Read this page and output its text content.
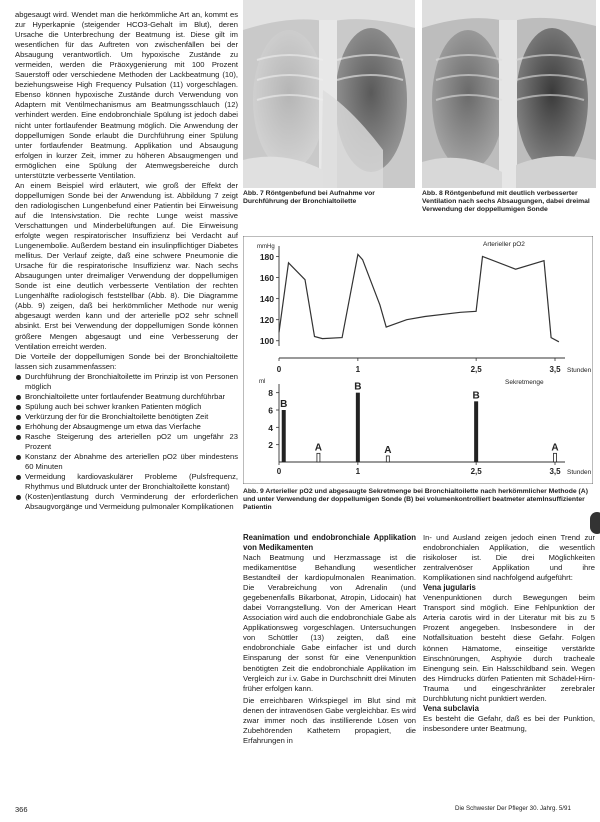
abgesaugt wird. Wendet man die herkömmliche Art an, kommt es zur Hyperkapnie (steigender HCO3-Gehalt im Blut), deren Ursache die Unterbrechung der Beatmung ist. Diese gilt im wesentlichen für das Auftreten von zwischenfällen bei der Absaugung verantwortlich. Um hypoxische Zustände zu vermeiden, werden die Präoxygenierung mit 100 Prozent Sauerstoff oder verschiedene Methoden der Lackbeatmung (10), beziehungsweise High Frequency Pulsation (11) vorgeschlagen. Ebenso können hypoxische Zustände durch Verwendung von Adaptern mit Ventilmechanismus am Beatmungsschlauch (12) verhindert werden. Eine endobronchiale Spülung ist jedoch dabei nicht unter fortlaufender Beatmung möglich. Die Anwendung der doppellumigen Sonde erlaubt die Durchführung einer Spülung unter fortlaufender Beatmung. Applikation und Absaugung erfolgen in kurzer Zeit, immer zu höheren Absaugmengen und ermöglichen eine Spülung der Atemwegsbereiche durch unterstützte verbesserte Ventilation.

An einem Beispiel wird erläutert, wie groß der Effekt der doppellumigen Sonde bei der Anwendung ist. Abbildung 7 zeigt den radiologischen Lungenbefund einer Patientin bei Einweisung auf die Intensivstation. Die rechte Lunge weist massive Verschattungen und Minderbelüftungen auf. Die Einweisung erfolgte wegen respiratorischer Insuffizienz bei Verdacht auf Lungenembolie. Außerdem bestand ein insulinpflichtiger Diabetes mellitus. Der Verlauf zeigte, daß eine schwere Pneumonie die Ursache für die respiratorische Insuffizienz war. Nach sechs Absaugungen unter dreimaliger Verwendung der doppellumigen Sonde ist eine deutlich verbesserte Ventilation der rechten Lungenhälfte radiologisch feststellbar (Abb. 8). Die Diagramme (Abb. 9) zeigen, daß bei herkömmlicher Methode nur wenig abgesaugt werden kann und der arterielle pO2 sehr schnell absinkt. Erst bei Verwendung der doppellumigen Sonde können größere Mengen abgesaugt und eine Verbesserung der Ventilation erreicht werden.

Die Vorteile der doppellumigen Sonde bei der Bronchialtoilette lassen sich zusammenfassen:

Durchführung der Bronchialtoilette im Prinzip ist von Personen möglich
Bronchialtoilette unter fortlaufender Beatmung durchführbar
Spülung auch bei schwer kranken Patienten möglich
Verkürzung der für die Bronchialtoilette benötigten Zeit
Erhöhung der Absaugmenge um etwa das Vierfache
Rasche Steigerung des arteriellen pO2 um ungefähr 23 Prozent
Konstanz der Abnahme des arteriellen pO2 über mindestens 60 Minuten
Vermeidung kardiovaskulärer Probleme (Pulsfrequenz, Rhythmus und Blutdruck unter der Bronchialtoilette konstant)
(Kosten)entlastung durch Verminderung der erforderlichen Absaugvorgänge und Vermeidung pulmonaler Komplikationen
Abb. 7 Röntgenbefund bei Aufnahme vor Durchführung der Bronchialtoilette
Abb. 8 Röntgenbefund mit deutlich verbesserter Ventilation nach sechs Absaugungen, dabei dreimal Verwendung der doppellumigen Sonde
100
120
140
160
180
mmHg	Arterieller pO2
0	1	2,5	3,5 Stunden
2
4
6
8
ml	Sekretmenge
0	1	2,5	3,5 Stunden
B
A
B
A
B
A
Abb. 9 Arterieller pO2 und abgesaugte Sekretmenge bei Bronchialtoilette nach herkömmlicher Methode (A) und unter Verwendung der doppellumigen Sonde (B) bei volumenkontrolliert beatmeter atemInsuffizienter Patientin

Reanimation und endobronchiale Applikation von Medikamenten

Nach Beatmung und Herzmassage ist die medikamentöse Behandlung wesentlicher Bestandteil der kardiopulmonalen Reanimation. Die Verabreichung von Adrenalin (und gegebenenfalls Bikarbonat, Atropin, Lidocain) hat dabei Vorrangstellung. Von der American Heart Association wird auch die endobronchiale Gabe als Applikationsweg vorgeschlagen. Untersuchungen von Schüttler (13) zeigten, daß eine endobronchiale Gabe einfacher ist und durch Einsparung der sonst für eine Venenpunktion benötigten Zeit die endobronchiale Applikation im Vergleich zur i.v. Gabe in Durchschnitt drei Minuten früher erfolgen kann.

Die erreichbaren Wirkspiegel im Blut sind mit denen der intravenösen Gabe vergleichbar. Es wird zwar immer noch das instillierende Lösen von Zubehörenden Kathetern propagiert, die Erfahrungen in

In- und Ausland zeigen jedoch einen Trend zur endobronchialen Applikation, die wesentlich risikoloser ist. Die drei Möglichkeiten zentralvenöser Applikation und ihre Komplikationen sind nachfolgend aufgeführt:

Vena jugularis

Venenpunktionen durch Bewegungen beim Transport sind möglich. Eine Fehlpunktion der Arteria carotis wird in der Literatur mit bis zu 5 Prozent angegeben. Insbesondere in der Notfallsituation besteht diese Gefahr. Folgen können Hämatome, einseitige verstärkte Einschnürungen, Asphyxie durch tracheale Einengung sein. Ein Halsschildband sein. Wegen des Hirndrucks dürfen Patienten mit Schädel-Hirn-Trauma und eingeschränkter zerebraler Durchblutung nicht punktiert werden.

Vena subclavia

Es besteht die Gefahr, daß es bei der Punktion, insbesondere unter Beatmung,

366	Die Schwester Der Pfleger 30. Jahrg. 5/91
